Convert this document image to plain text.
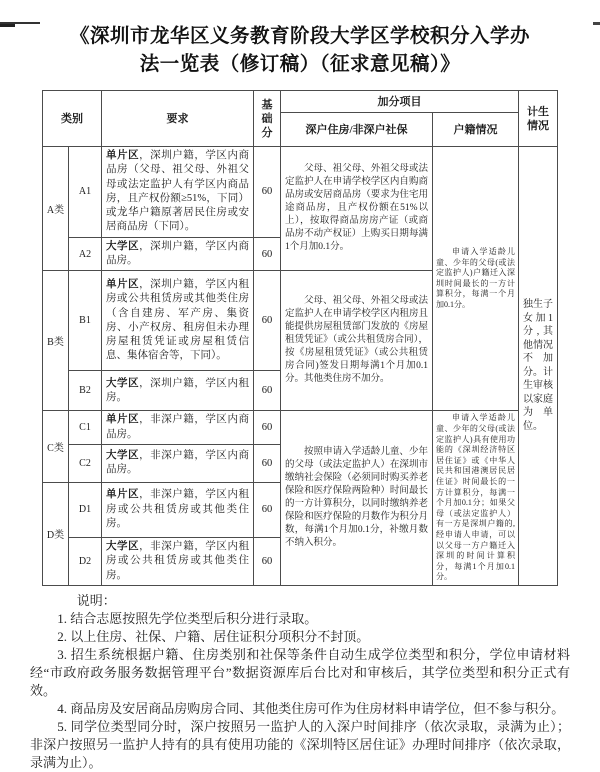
《深圳市龙华区义务教育阶段大学区学校积分入学办
法一览表（修订稿）（征求意见稿）》
类别		要求	基础分	加分项目		计生情况
				深户住房/非深户社保	户籍情况	
A类	A1	单片区，深圳户籍，学区内商品房（父母、祖父母、外祖父母或法定监护人有学区内商品房，且产权份额≥51%，下同）或龙华户籍原著居民住房或安居商品房（下同）。	60	父母、祖父母、外祖父母或法定监护人在申请学校学区内自购商品房或安居商品房（要求为住宅用途商品房，且产权份额在51%以上），按取得商品房房产证（或商品房不动产权证）上购买日期每满1个月加0.1分。	申请入学适龄儿童、少年的父母(或法定监护人)户籍迁入深圳时间最长的一方计算积分，每满一个月加0.1分。	独生子女加1分,其他情况不加分。计生审核以家庭为单位。
	A2	大学区，深圳户籍，学区内商品房。	60			
B类	B1	单片区，深圳户籍，学区内租房或公共租赁房或其他类住房（含自建房、军产房、集资房、小产权房、租房但未办理房屋租赁凭证或房屋租赁信息、集体宿舍等，下同）。	60	父母、祖父母、外祖父母或法定监护人在申请学校学区内租房且能提供房屋租赁部门发放的《房屋租赁凭证》（或公共租赁房合同），按《房屋租赁凭证》（或公共租赁房合同)签发日期每满1个月加0.1分。其他类住房不加分。		
	B2	大学区，深圳户籍，学区内租房。	60			
C类	C1	单片区，非深户籍，学区内商品房。	60	按照申请入学适龄儿童、少年的父母（或法定监护人）在深圳市缴纳社会保险（必须同时购买养老保险和医疗保险两险种）时间最长的一方计算积分，以同时缴纳养老保险和医疗保险的月数作为积分月数，每满1个月加0.1分，补缴月数不纳入积分。	申请入学适龄儿童、少年的父母(或法定监护人)具有使用功能的《深圳经济特区居住证》或《中华人民共和国港澳居民居住证》时间最长的一方计算积分，每满一个月加0.1分；如果父母（或法定监护人）有一方是深圳户籍的,经申请人申请，可以以父母一方户籍迁入深圳的时间计算积分，每满1个月加0.1分。	
	C2	大学区，非深户籍，学区内商品房。	60			
D类	D1	单片区，非深户籍，学区内租房或公共租赁房或其他类住房。	60			
	D2	大学区，非深户籍，学区内租房或公共租赁房或其他类住房。	60			

说明：

1. 结合志愿按照先学位类型后积分进行录取。

2. 以上住房、社保、户籍、居住证积分项积分不封顶。

3. 招生系统根据户籍、住房类别和社保等条件自动生成学位类型和积分，学位申请材料经“市政府政务服务数据管理平台”数据资源库后台比对和审核后，其学位类型和积分正式有效。

4. 商品房及安居商品房购房合同、其他类住房可作为住房材料申请学位，但不参与积分。

5. 同学位类型同分时，深户按照另一监护人的入深户时间排序（依次录取，录满为止）；非深户按照另一监护人持有的具有使用功能的《深圳特区居住证》办理时间排序（依次录取，录满为止）。
